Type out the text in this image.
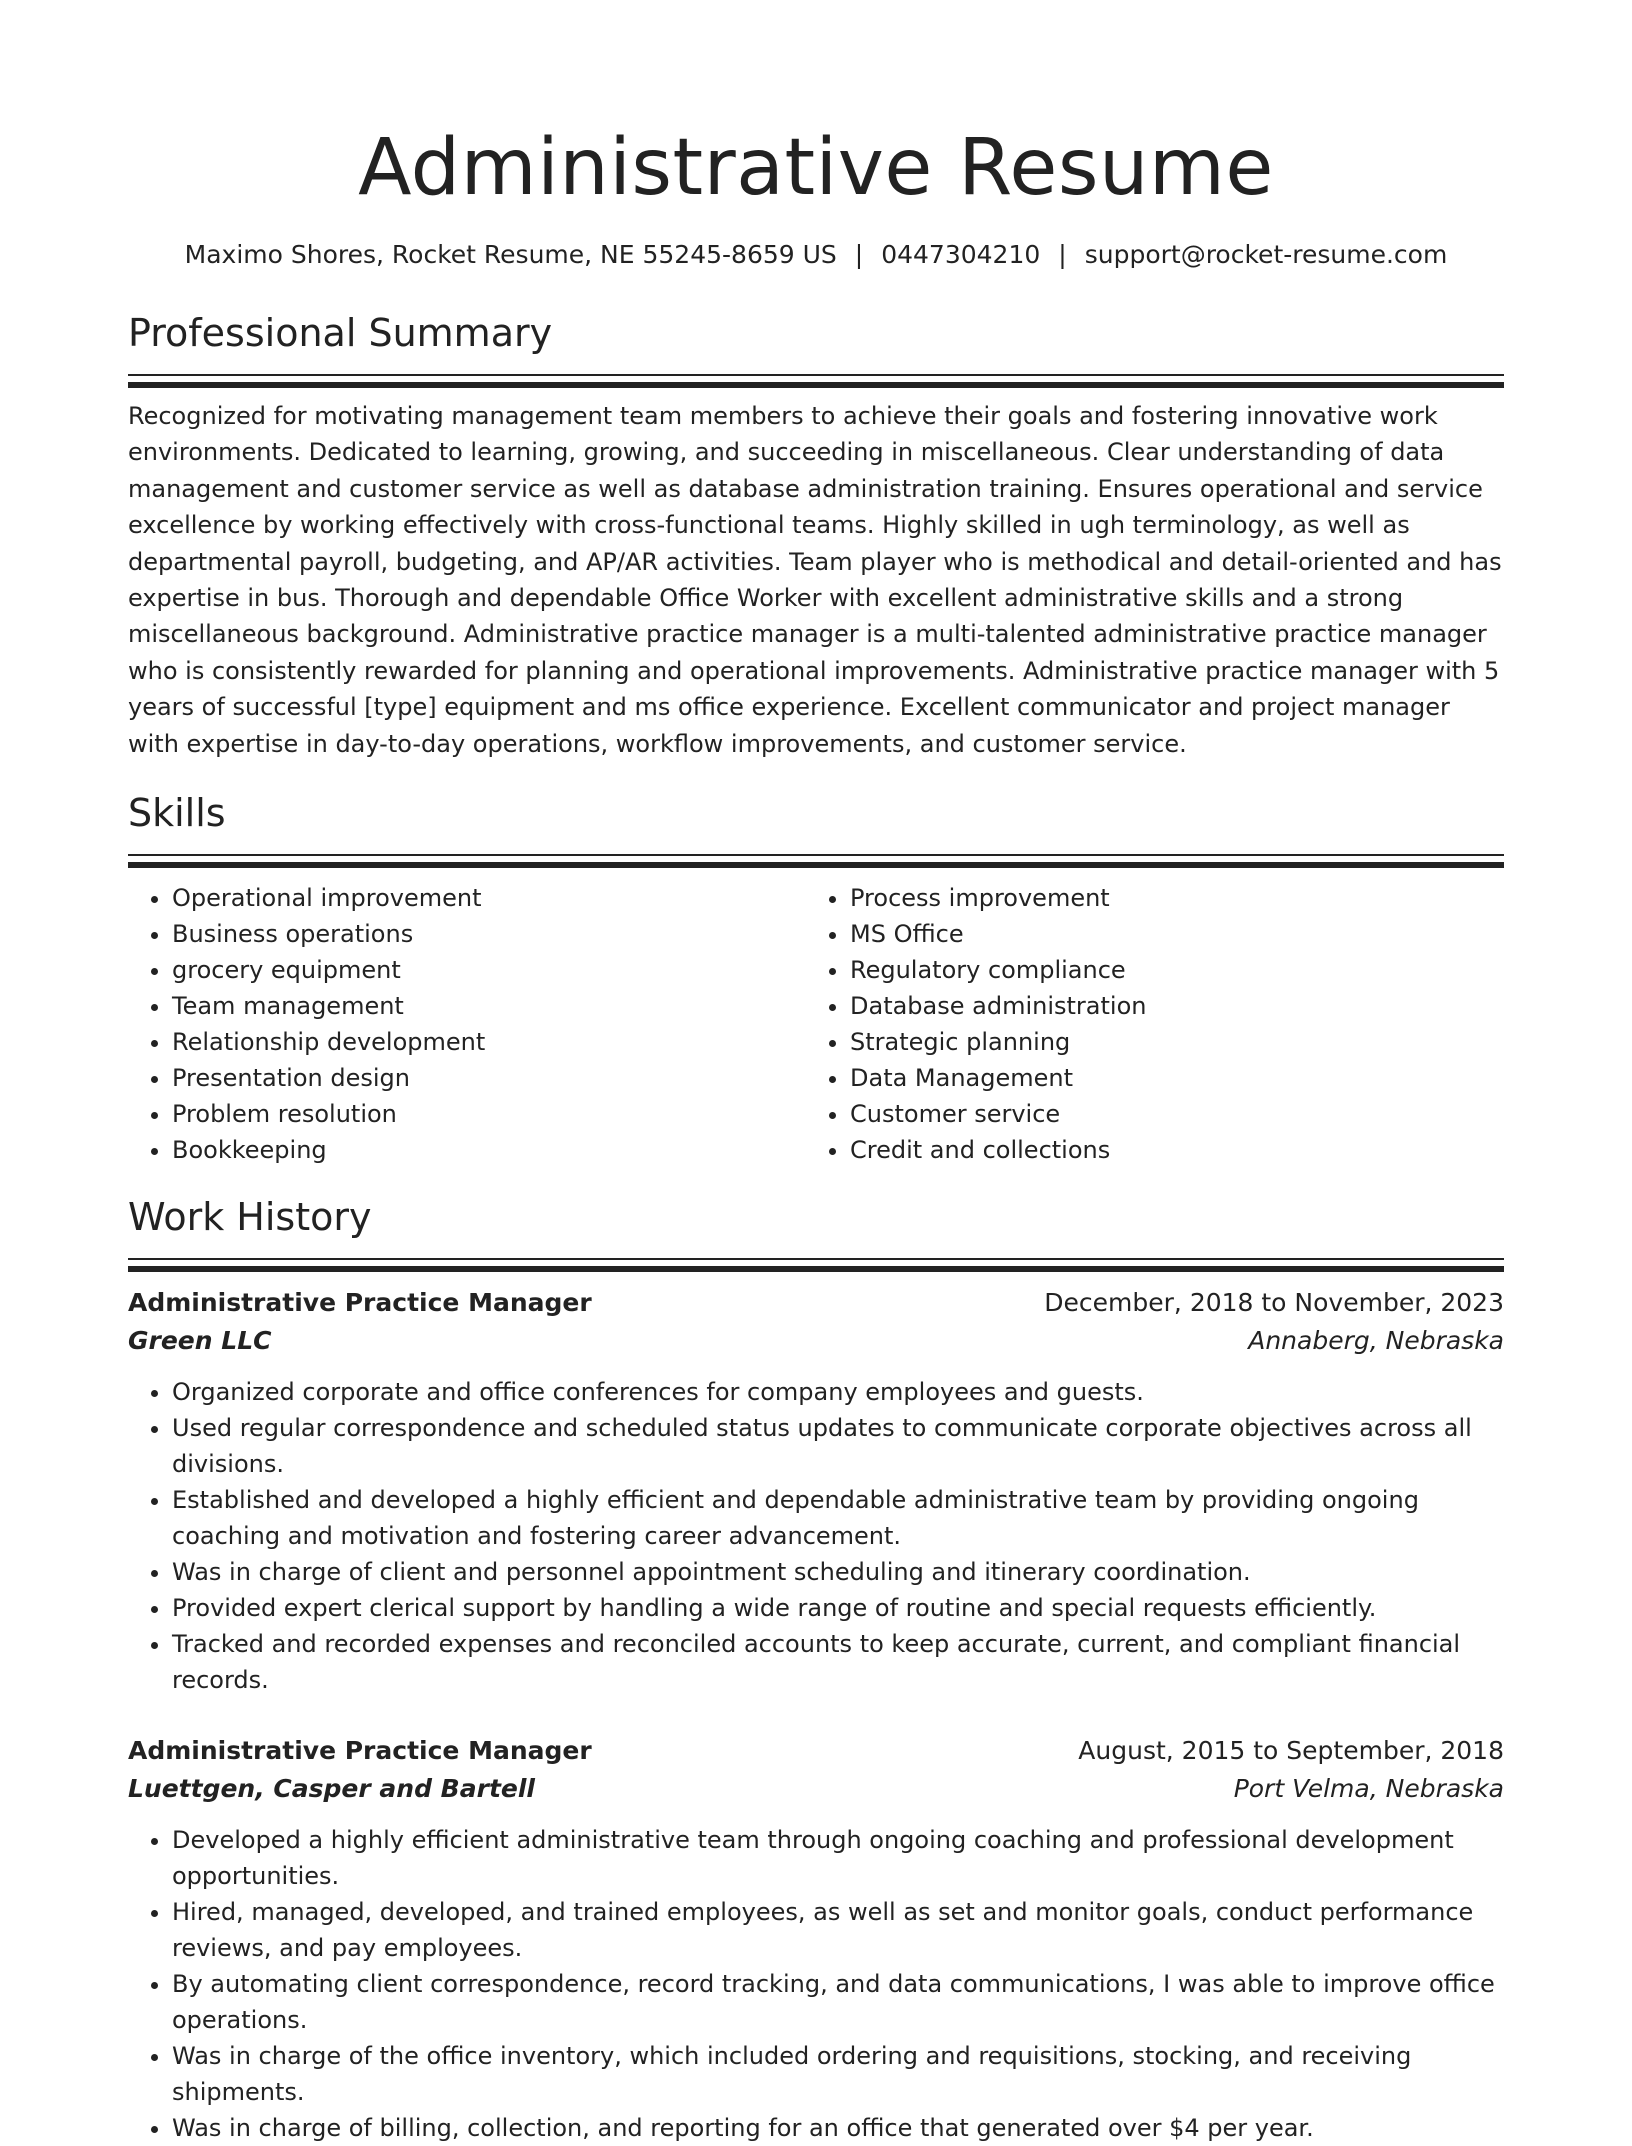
Administrative Resume
Maximo Shores, Rocket Resume, NE 55245-8659 US | 0447304210 | support@rocket-resume.com
Professional Summary
Recognized for motivating management team members to achieve their goals and fostering innovative work environments. Dedicated to learning, growing, and succeeding in miscellaneous. Clear understanding of data management and customer service as well as database administration training. Ensures operational and service excellence by working effectively with cross-functional teams. Highly skilled in ugh terminology, as well as departmental payroll, budgeting, and AP/AR activities. Team player who is methodical and detail-oriented and has expertise in bus. Thorough and dependable Office Worker with excellent administrative skills and a strong miscellaneous background. Administrative practice manager is a multi-talented administrative practice manager who is consistently rewarded for planning and operational improvements. Administrative practice manager with 5 years of successful [type] equipment and ms office experience. Excellent communicator and project manager with expertise in day-to-day operations, workflow improvements, and customer service.
Skills
• Operational improvement
• Business operations
• grocery equipment
• Team management
• Relationship development
• Presentation design
• Problem resolution
• Bookkeeping
• Process improvement
• MS Office
• Regulatory compliance
• Database administration
• Strategic planning
• Data Management
• Customer service
• Credit and collections
Work History
Administrative Practice Manager	December, 2018 to November, 2023
Green LLC	Annaberg, Nebraska
• Organized corporate and office conferences for company employees and guests.
• Used regular correspondence and scheduled status updates to communicate corporate objectives across all divisions.
• Established and developed a highly efficient and dependable administrative team by providing ongoing coaching and motivation and fostering career advancement.
• Was in charge of client and personnel appointment scheduling and itinerary coordination.
• Provided expert clerical support by handling a wide range of routine and special requests efficiently.
• Tracked and recorded expenses and reconciled accounts to keep accurate, current, and compliant financial records.
Administrative Practice Manager	August, 2015 to September, 2018
Luettgen, Casper and Bartell	Port Velma, Nebraska
• Developed a highly efficient administrative team through ongoing coaching and professional development opportunities.
• Hired, managed, developed, and trained employees, as well as set and monitor goals, conduct performance reviews, and pay employees.
• By automating client correspondence, record tracking, and data communications, I was able to improve office operations.
• Was in charge of the office inventory, which included ordering and requisitions, stocking, and receiving shipments.
• Was in charge of billing, collection, and reporting for an office that generated over $4 per year.
